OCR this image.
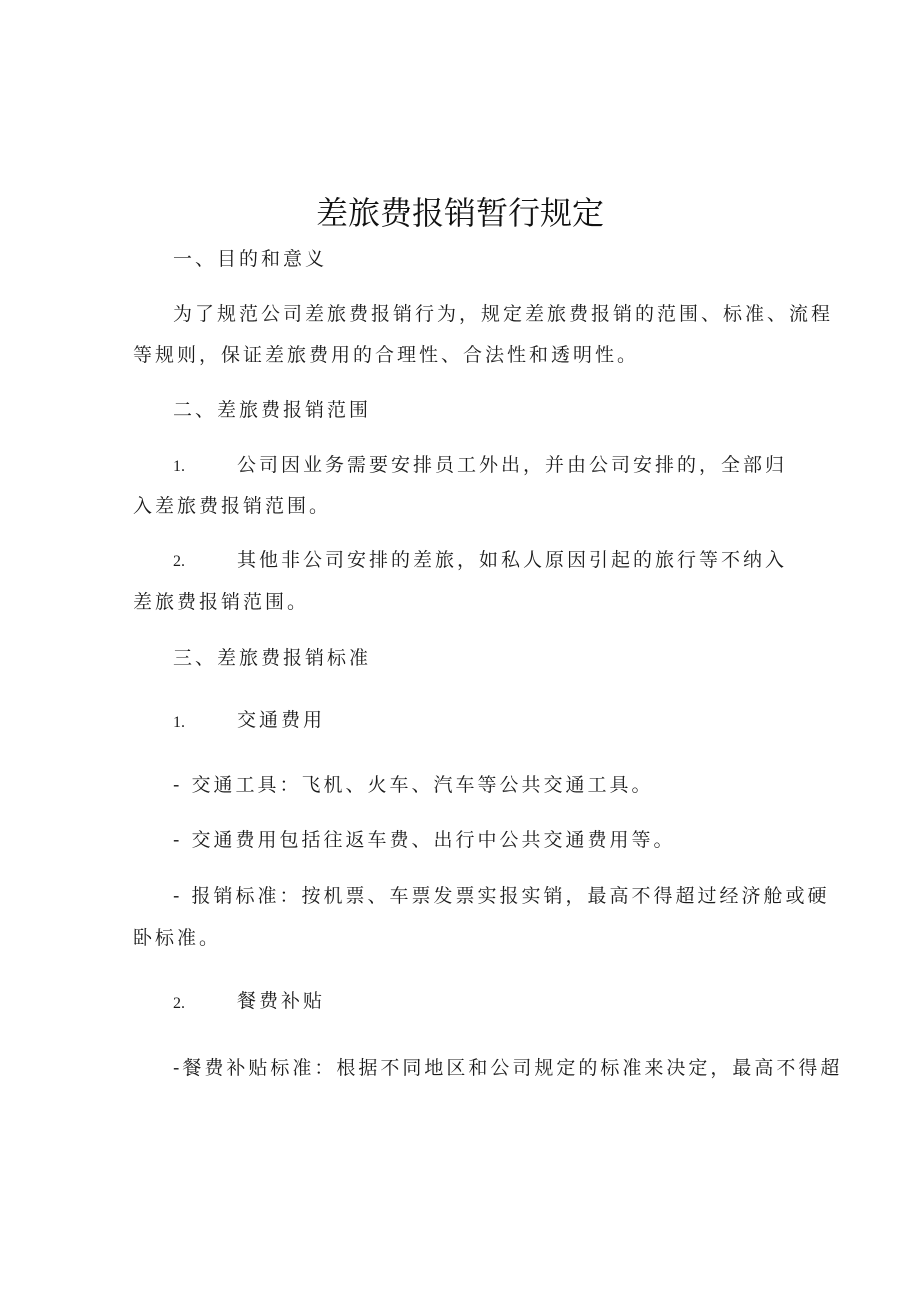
差旅费报销暂行规定
一、目的和意义
为了规范公司差旅费报销行为，规定差旅费报销的范围、标准、流程
等规则，保证差旅费用的合理性、合法性和透明性。
二、差旅费报销范围
1.	公司因业务需要安排员工外出，并由公司安排的，全部归
入差旅费报销范围。
2.	其他非公司安排的差旅，如私人原因引起的旅行等不纳入
差旅费报销范围。
三、差旅费报销标准
1.	交通费用
- 交通工具：飞机、火车、汽车等公共交通工具。
- 交通费用包括往返车费、出行中公共交通费用等。
- 报销标准：按机票、车票发票实报实销，最高不得超过经济舱或硬
卧标准。
2.	餐费补贴
-餐费补贴标准：根据不同地区和公司规定的标准来决定，最高不得超
